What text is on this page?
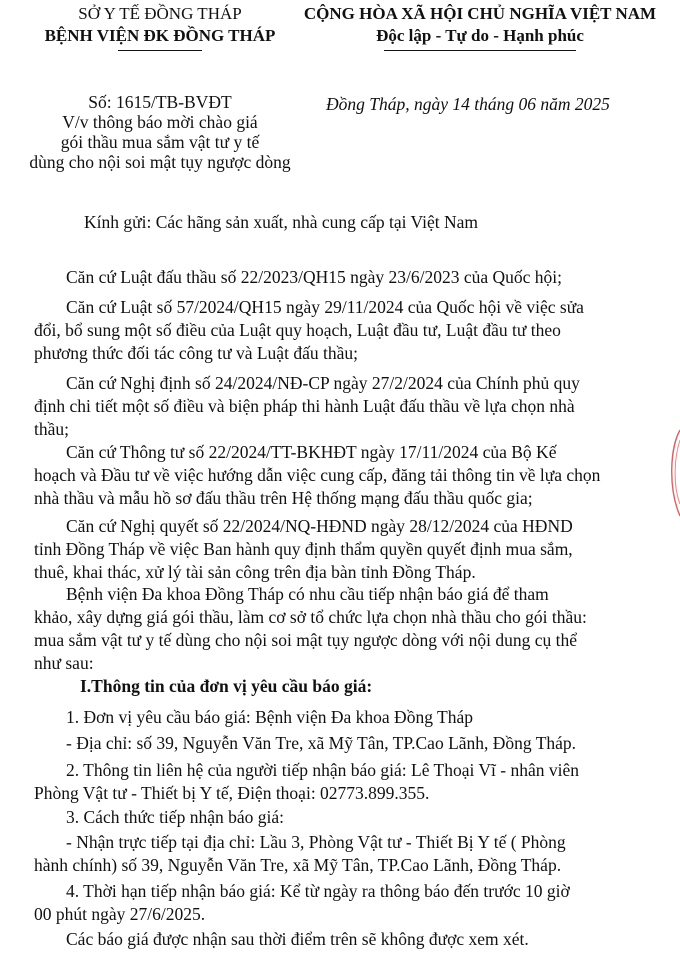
SỞ Y TẾ ĐỒNG THÁP
BỆNH VIỆN ĐK ĐỒNG THÁP
CỘNG HÒA XÃ HỘI CHỦ NGHĨA VIỆT NAM
Độc lập - Tự do - Hạnh phúc
Số: 1615/TB-BVĐT
V/v thông báo mời chào giá
gói thầu mua sắm vật tư y tế
dùng cho nội soi mật tụy ngược dòng
Đồng Tháp, ngày 14 tháng 06 năm 2025
Kính gửi: Các hãng sản xuất, nhà cung cấp tại Việt Nam
Căn cứ Luật đấu thầu số 22/2023/QH15 ngày 23/6/2023 của Quốc hội;
Căn cứ Luật số 57/2024/QH15 ngày 29/11/2024 của Quốc hội về việc sửa
đổi, bổ sung một số điều của Luật quy hoạch, Luật đầu tư, Luật đầu tư theo
phương thức đối tác công tư và Luật đấu thầu;
Căn cứ Nghị định số 24/2024/NĐ-CP ngày 27/2/2024 của Chính phủ quy
định chi tiết một số điều và biện pháp thi hành Luật đấu thầu về lựa chọn nhà
thầu;
Căn cứ Thông tư số 22/2024/TT-BKHĐT ngày 17/11/2024 của Bộ Kế
hoạch và Đầu tư về việc hướng dẫn việc cung cấp, đăng tải thông tin về lựa chọn
nhà thầu và mẫu hồ sơ đấu thầu trên Hệ thống mạng đấu thầu quốc gia;
Căn cứ Nghị quyết số 22/2024/NQ-HĐND ngày 28/12/2024 của HĐND
tỉnh Đồng Tháp về việc Ban hành quy định thẩm quyền quyết định mua sắm,
thuê, khai thác, xử lý tài sản công trên địa bàn tỉnh Đồng Tháp.
Bệnh viện Đa khoa Đồng Tháp có nhu cầu tiếp nhận báo giá để tham
khảo, xây dựng giá gói thầu, làm cơ sở tổ chức lựa chọn nhà thầu cho gói thầu:
mua sắm vật tư y tế dùng cho nội soi mật tụy ngược dòng với nội dung cụ thể
như sau:
I.Thông tin của đơn vị yêu cầu báo giá:
1. Đơn vị yêu cầu báo giá: Bệnh viện Đa khoa Đồng Tháp
- Địa chỉ: số 39, Nguyễn Văn Tre, xã Mỹ Tân, TP.Cao Lãnh, Đồng Tháp.
2. Thông tin liên hệ của người tiếp nhận báo giá: Lê Thoại Vĩ - nhân viên
Phòng Vật tư - Thiết bị Y tế, Điện thoại: 02773.899.355.
3. Cách thức tiếp nhận báo giá:
- Nhận trực tiếp tại địa chỉ: Lầu 3, Phòng Vật tư - Thiết Bị Y tế ( Phòng
hành chính) số 39, Nguyễn Văn Tre, xã Mỹ Tân, TP.Cao Lãnh, Đồng Tháp.
4. Thời hạn tiếp nhận báo giá: Kể từ ngày ra thông báo đến trước 10 giờ
00 phút ngày 27/6/2025.
Các báo giá được nhận sau thời điểm trên sẽ không được xem xét.
